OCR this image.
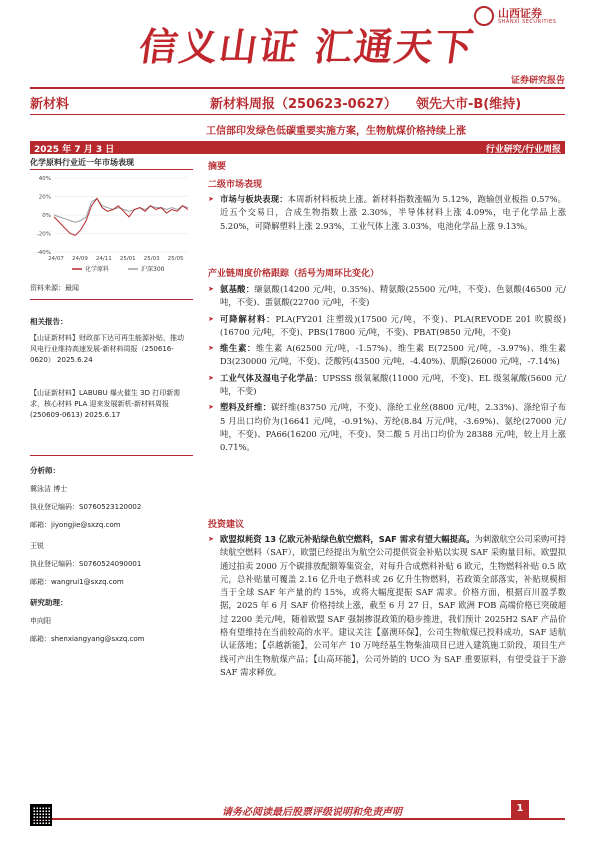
信义山证 汇通天下
山西证券
SHANXI SECURITIES
证券研究报告
新材料	新材料周报（250623-0627） 领先大市-B(维持)
工信部印发绿色低碳重要实施方案，生物航煤价格持续上涨
2025 年 7 月 3 日	行业研究/行业周报
化学原料行业近一年市场表现
40%
20%
0%
-20%
-40%
24/07 24/09 24/11 25/01 25/03 25/05
化学原料	沪深300
资料来源：最闻
相关报告：
【山证新材料】财政部下达可再生能源补贴，推动风电行业维持高速发展-新材料周报（250616-0620） 2025.6.24
【山证新材料】LABUBU 爆火催生 3D 打印新需求，核心材料 PLA 迎来发展新机-新材料周报(250609-0613) 2025.6.17
分析师：
冀泳洁 博士
执业登记编码：S0760523120002
邮箱：jiyongjie@sxzq.com
王锐
执业登记编码：S0760524090001
邮箱：wangrui1@sxzq.com
研究助理：
申向阳
邮箱：shenxiangyang@sxzq.com
摘要
二级市场表现
➤ 市场与板块表现：本周新材料板块上涨。新材料指数涨幅为 5.12%，跑输创业板指 0.57%。近五个交易日，合成生物指数上涨 2.30%，半导体材料上涨 4.09%，电子化学品上涨 5.20%，可降解塑料上涨 2.93%，工业气体上涨 3.03%，电池化学品上涨 9.13%。
产业链周度价格跟踪（括号为周环比变化）
➤ 氨基酸：缬氨酸(14200 元/吨，0.35%)、精氨酸(25500 元/吨，不变)、色氨酸(46500 元/吨，不变)、蛋氨酸(22700 元/吨，不变)
➤ 可降解材料：PLA(FY201 注塑级)(17500 元/吨，不变)、PLA(REVODE 201 吹膜级)(16700 元/吨，不变)、PBS(17800 元/吨，不变)、PBAT(9850 元/吨，不变)
➤ 维生素：维生素 A(62500 元/吨，-1.57%)、维生素 E(72500 元/吨，-3.97%)、维生素 D3(230000 元/吨，不变)、泛酸钙(43500 元/吨，-4.40%)、肌醇(26000 元/吨，-7.14%)
➤ 工业气体及湿电子化学品：UPSSS 级氧氟酸(11000 元/吨，不变)、EL 级氢氟酸(5600 元/吨，不变)
➤ 塑料及纤维：碳纤维(83750 元/吨，不变)、涤纶工业丝(8800 元/吨，2.33%)、涤纶帘子布 5 月出口均价为(16641 元/吨，-0.91%)、芳纶(8.84 万元/吨，-3.69%)、氨纶(27000 元/吨，不变)、PA66(16200 元/吨，不变)、癸二酸 5 月出口均价为 28388 元/吨，较上月上涨 0.71%。
投资建议
➤ 欧盟拟耗资 13 亿欧元补贴绿色航空燃料，SAF 需求有望大幅提高。为刺激航空公司采购可持续航空燃料（SAF），欧盟已经提出为航空公司提供资金补贴以实现 SAF 采购量目标。欧盟拟通过拍卖 2000 万个碳排放配额筹集资金，对每升合成燃料补贴 6 欧元，生物燃料补贴 0.5 欧元，总补贴量可覆盖 2.16 亿升电子燃料或 26 亿升生物燃料，若政策全部落实，补贴规模相当于全球 SAF 年产量的约 15%，或将大幅度提振 SAF 需求。价格方面，根据百川盈孚数据，2025 年 6 月 SAF 价格持续上涨，截至 6 月 27 日，SAF 欧洲 FOB 高端价格已突破超过 2200 美元/吨，随着欧盟 SAF 强制掺混政策的稳步推进，我们预计 2025H2 SAF 产品价格有望维持在当前较高的水平。建议关注【嘉澳环保】，公司生物航煤已投料成功，SAF 适航认证落地；【卓越新能】，公司年产 10 万吨经基生物柴油项目已进入建筑施工阶段，项目生产线可产出生物航煤产品；【山高环能】，公司外销的 UCO 为 SAF 重要原料，有望受益于下游 SAF 需求释放。
请务必阅读最后股票评级说明和免责声明	1
